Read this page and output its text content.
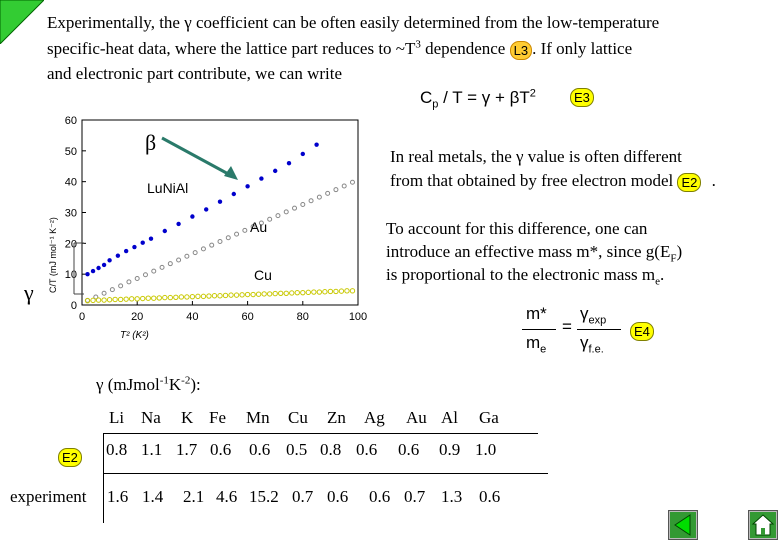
Experimentally, the γ coefficient can be often easily determined from the low-temperature
specific-heat data, where the lattice part reduces to $\sim T^3$ dependence L3 . If only lattice
and electronic part contribute, we can write
$C_p / T = \gamma + \beta T^2$	E3
0	20	40	60	80	100
0
10
20
30
40
50
60
T² (K²)
C/T (mJ mol⁻¹ K⁻²)
LuNiAl
Au
Cu
β
γ
In real metals, the γ value is often different
from that obtained by free electron model E2 .
To account for this difference, one can
introduce an effective mass m*, since $g(E_F)$
is proportional to the electronic mass $m_e$.
m*
$m_e$
=
$\gamma_{exp}$
$\gamma_{f.e.}$
E4
γ $(mJmol^{-1}K^{-2})$:
Li Na K Fe Mn Cu Zn Ag Au Al Ga
E2 0.8 1.1 1.7 0.6 0.6 0.5 0.8 0.6 0.6 0.9 1.0
experiment 1.6 1.4 2.1 4.6 15.2 0.7 0.6 0.6 0.7 1.3 0.6
